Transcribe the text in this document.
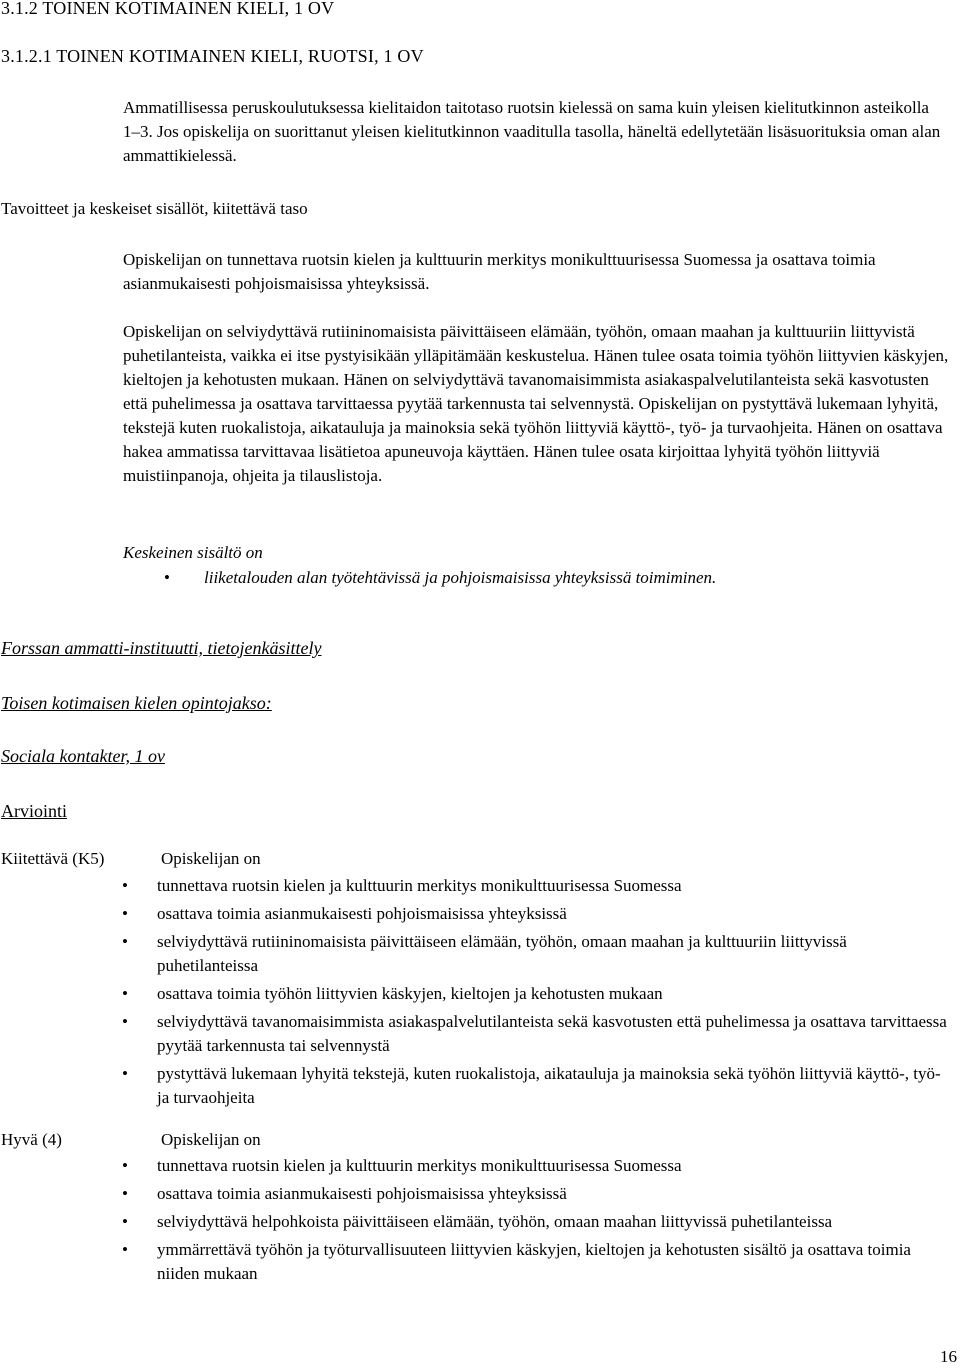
3.1.2 TOINEN KOTIMAINEN KIELI, 1 OV
3.1.2.1 TOINEN KOTIMAINEN KIELI, RUOTSI, 1 OV

Ammatillisessa peruskoulutuksessa kielitaidon taitotaso ruotsin kielessä on sama kuin yleisen kielitutkinnon asteikolla 1–3. Jos opiskelija on suorittanut yleisen kielitutkinnon vaaditulla tasolla, häneltä edellytetään lisäsuorituksia oman alan ammattikielessä.

Tavoitteet ja keskeiset sisällöt, kiitettävä taso

Opiskelijan on tunnettava ruotsin kielen ja kulttuurin merkitys monikulttuurisessa Suomessa ja osattava toimia asianmukaisesti pohjoismaisissa yhteyksissä.

Opiskelijan on selviydyttävä rutiininomaisista päivittäiseen elämään, työhön, omaan maahan ja kulttuuriin liittyvistä puhetilanteista, vaikka ei itse pystyisikään ylläpitämään keskustelua. Hänen tulee osata toimia työhön liittyvien käskyjen, kieltojen ja kehotusten mukaan. Hänen on selviydyttävä tavanomaisimmista asiakaspalvelutilanteista sekä kasvotusten että puhelimessa ja osattava tarvittaessa pyytää tarkennusta tai selvennystä. Opiskelijan on pystyttävä lukemaan lyhyitä, tekstejä kuten ruokalistoja, aikatauluja ja mainoksia sekä työhön liittyviä käyttö-, työ- ja turvaohjeita. Hänen on osattava hakea ammatissa tarvittavaa lisätietoa apuneuvoja käyttäen. Hänen tulee osata kirjoittaa lyhyitä työhön liittyviä muistiinpanoja, ohjeita ja tilauslistoja.

Keskeinen sisältö on
• liiketalouden alan työtehtävissä ja pohjoismaisissa yhteyksissä toimiminen.
Forssan ammatti-instituutti, tietojenkäsittely
Toisen kotimaisen kielen opintojakso:
Sociala kontakter, 1 ov
Arviointi
Kiitettävä (K5)	Opiskelijan on
• tunnettava ruotsin kielen ja kulttuurin merkitys monikulttuurisessa Suomessa
• osattava toimia asianmukaisesti pohjoismaisissa yhteyksissä
• selviydyttävä rutiininomaisista päivittäiseen elämään, työhön, omaan maahan ja kulttuuriin liittyvissä puhetilanteissa
• osattava toimia työhön liittyvien käskyjen, kieltojen ja kehotusten mukaan
• selviydyttävä tavanomaisimmista asiakaspalvelutilanteista sekä kasvotusten että puhelimessa ja osattava tarvittaessa pyytää tarkennusta tai selvennystä
• pystyttävä lukemaan lyhyitä tekstejä, kuten ruokalistoja, aikatauluja ja mainoksia sekä työhön liittyviä käyttö-, työ- ja turvaohjeita
Hyvä (4)	Opiskelijan on
• tunnettava ruotsin kielen ja kulttuurin merkitys monikulttuurisessa Suomessa
• osattava toimia asianmukaisesti pohjoismaisissa yhteyksissä
• selviydyttävä helpohkoista päivittäiseen elämään, työhön, omaan maahan liittyvissä puhetilanteissa
• ymmärrettävä työhön ja työturvallisuuteen liittyvien käskyjen, kieltojen ja kehotusten sisältö ja osattava toimia niiden mukaan
16
